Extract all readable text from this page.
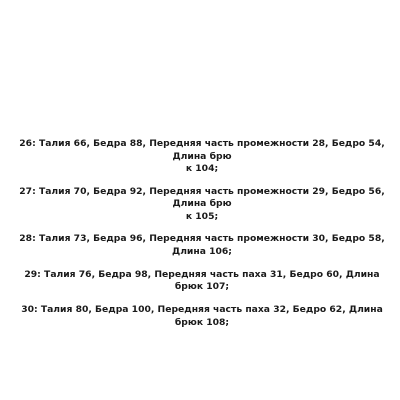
26: Талия 66, Бедра 88, Передняя часть промежности 28, Бедро 54, Длина брю
к 104;
27: Талия 70, Бедра 92, Передняя часть промежности 29, Бедро 56, Длина брю
к 105;
28: Талия 73, Бедра 96, Передняя часть промежности 30, Бедро 58, Длина 106;
29: Талия 76, Бедра 98, Передняя часть паха 31, Бедро 60, Длина брюк 107;
30: Талия 80, Бедра 100, Передняя часть паха 32, Бедро 62, Длина брюк 108;
